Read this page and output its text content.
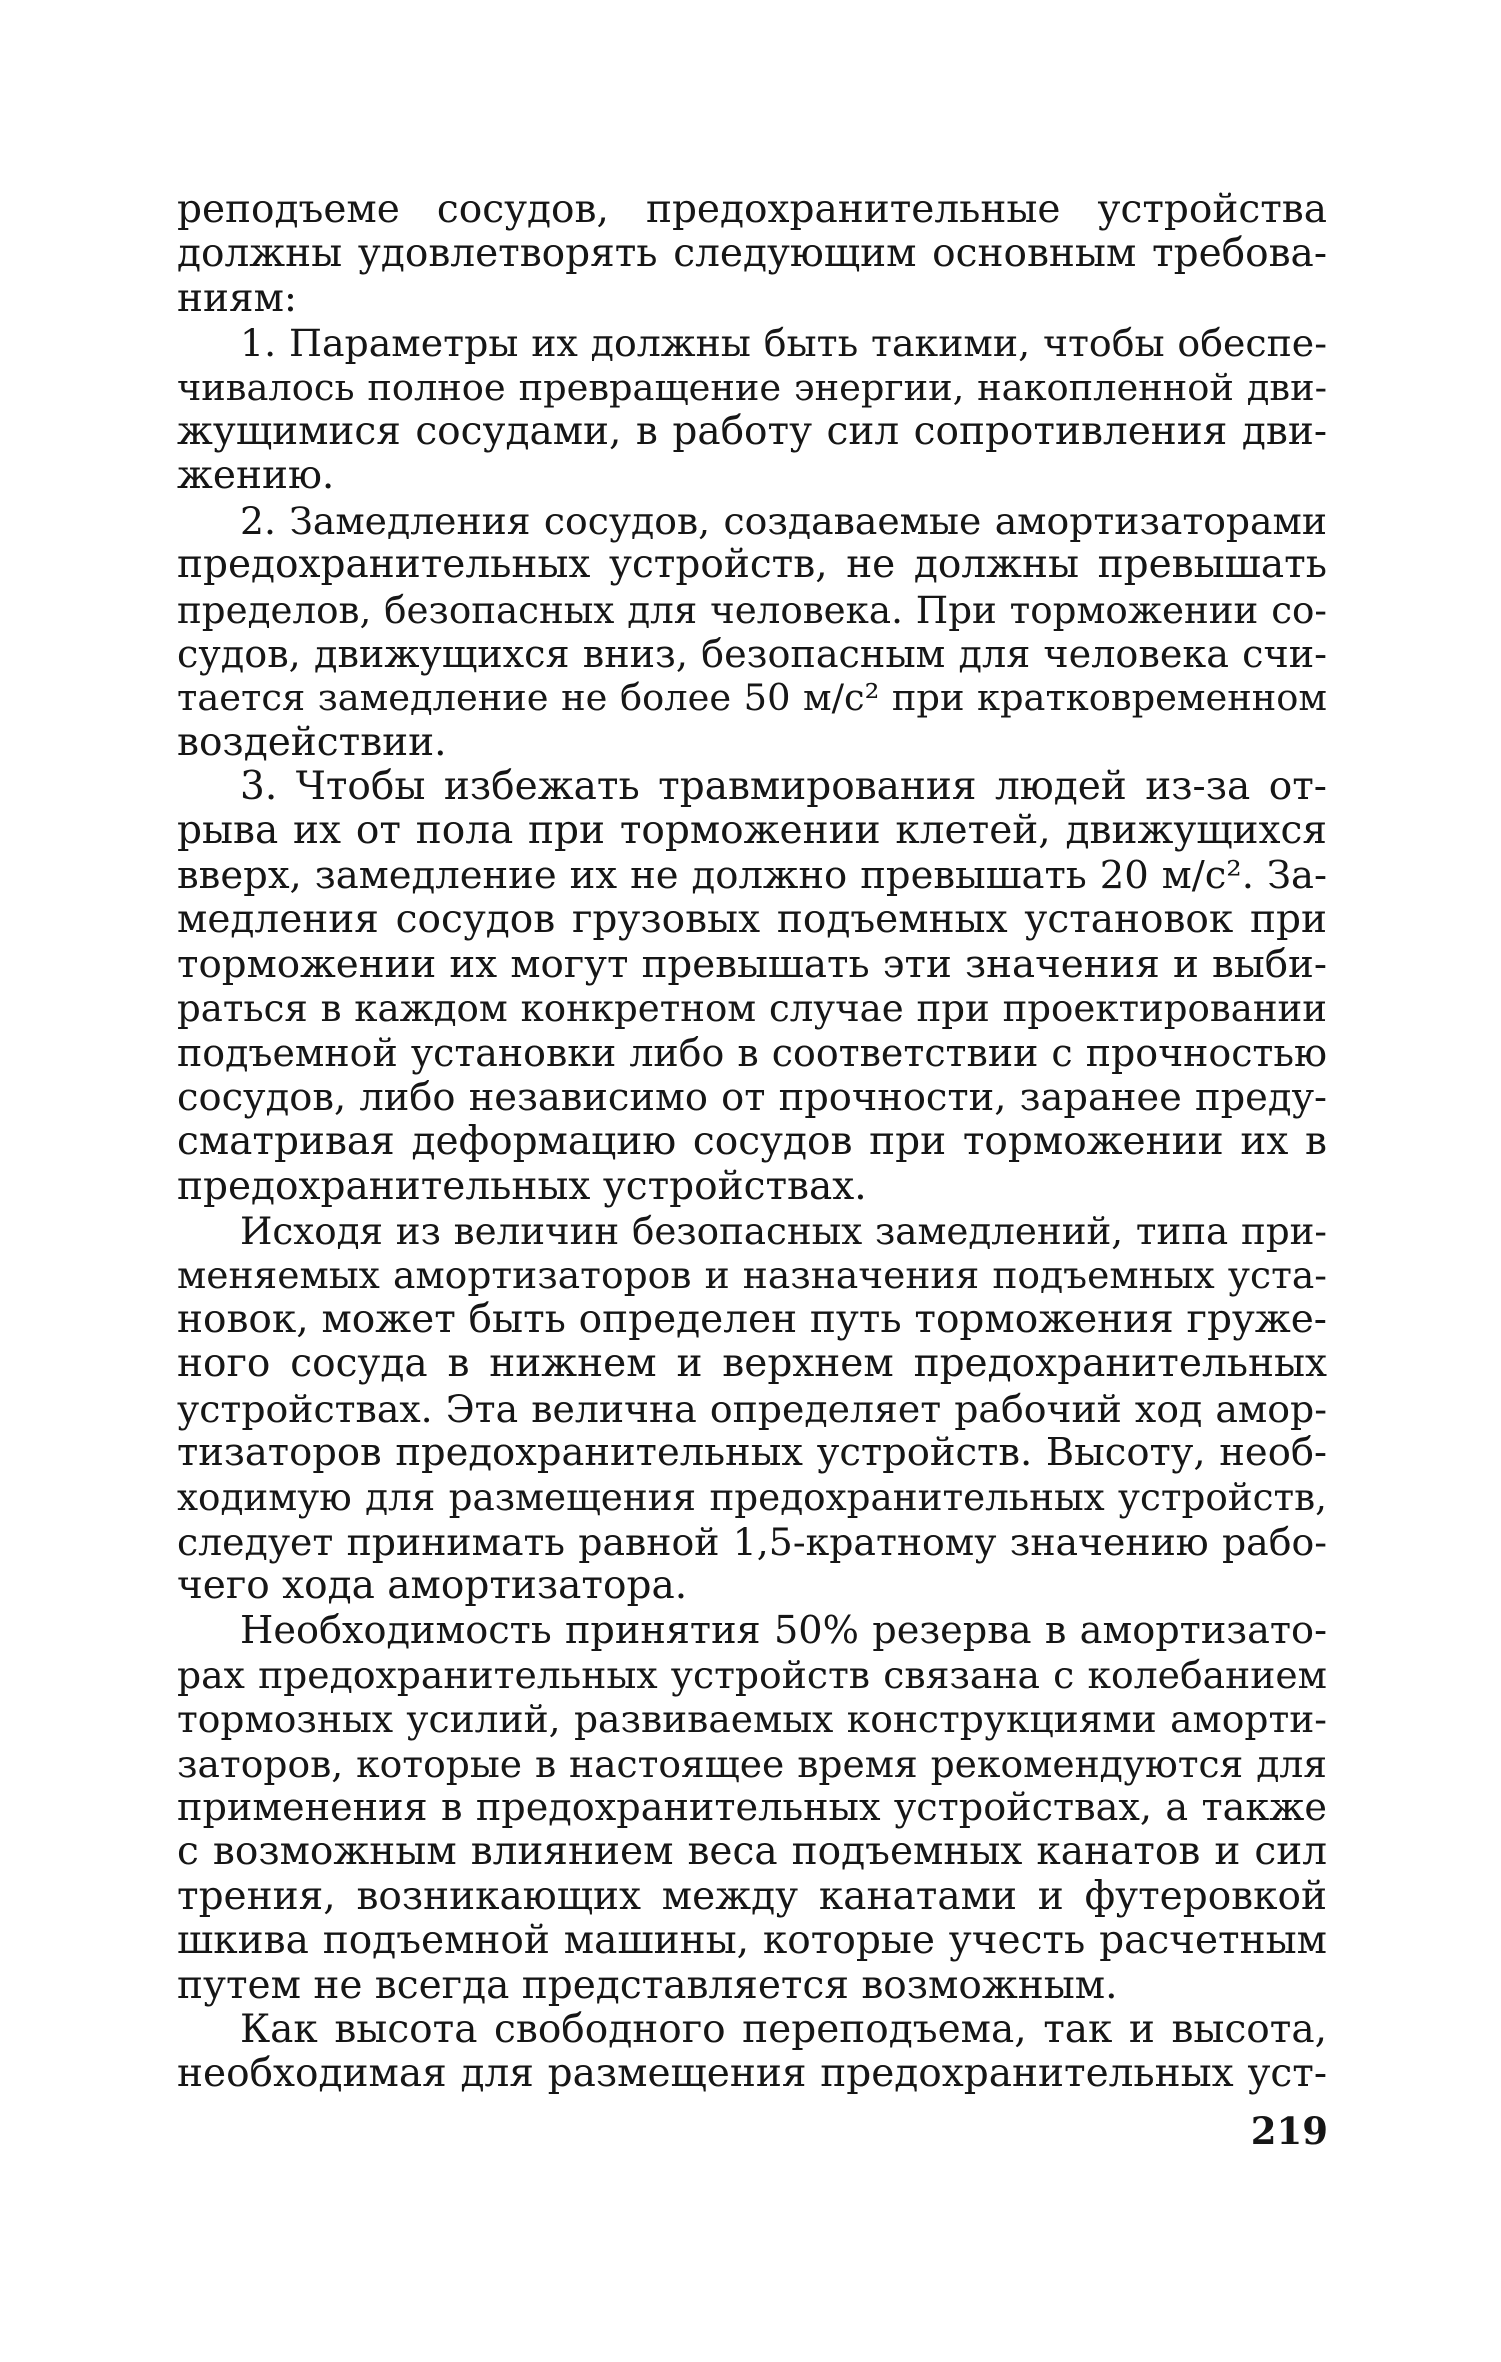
реподъеме сосудов, предохранительные устройства
должны удовлетворять следующим основным требова-
ниям:
1. Параметры их должны быть такими, чтобы обеспе-
чивалось полное превращение энергии, накопленной дви-
жущимися сосудами, в работу сил сопротивления дви-
жению.
2. Замедления сосудов, создаваемые амортизаторами
предохранительных устройств, не должны превышать
пределов, безопасных для человека. При торможении со-
судов, движущихся вниз, безопасным для человека счи-
тается замедление не более 50 м/с² при кратковременном
воздействии.
3. Чтобы избежать травмирования людей из-за от-
рыва их от пола при торможении клетей, движущихся
вверх, замедление их не должно превышать 20 м/с². За-
медления сосудов грузовых подъемных установок при
торможении их могут превышать эти значения и выби-
раться в каждом конкретном случае при проектировании
подъемной установки либо в соответствии с прочностью
сосудов, либо независимо от прочности, заранее преду-
сматривая деформацию сосудов при торможении их в
предохранительных устройствах.
Исходя из величин безопасных замедлений, типа при-
меняемых амортизаторов и назначения подъемных уста-
новок, может быть определен путь торможения груже-
ного сосуда в нижнем и верхнем предохранительных
устройствах. Эта велична определяет рабочий ход амор-
тизаторов предохранительных устройств. Высоту, необ-
ходимую для размещения предохранительных устройств,
следует принимать равной 1,5-кратному значению рабо-
чего хода амортизатора.
Необходимость принятия 50% резерва в амортизато-
рах предохранительных устройств связана с колебанием
тормозных усилий, развиваемых конструкциями аморти-
заторов, которые в настоящее время рекомендуются для
применения в предохранительных устройствах, а также
с возможным влиянием веса подъемных канатов и сил
трения, возникающих между канатами и футеровкой
шкива подъемной машины, которые учесть расчетным
путем не всегда представляется возможным.
Как высота свободного переподъема, так и высота,
необходимая для размещения предохранительных уст-
219
